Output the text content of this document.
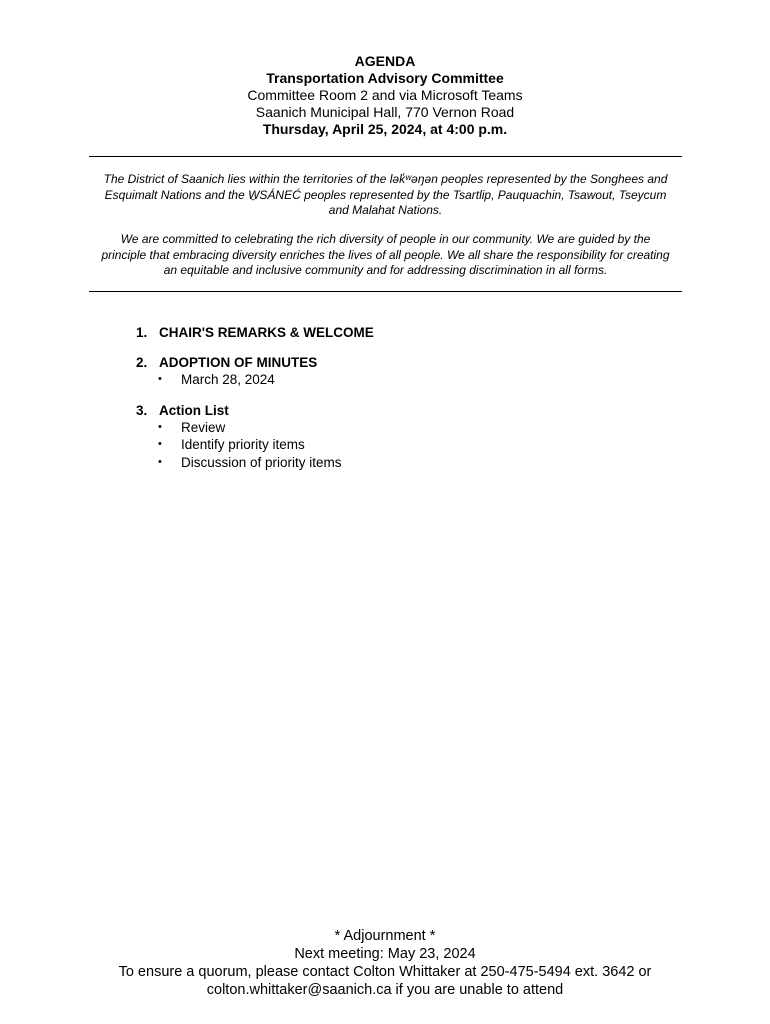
AGENDA
Transportation Advisory Committee
Committee Room 2 and via Microsoft Teams
Saanich Municipal Hall, 770 Vernon Road
Thursday, April 25, 2024, at 4:00 p.m.
The District of Saanich lies within the territories of the lək̓ʷəŋən peoples represented by the Songhees and Esquimalt Nations and the W̱SÁNEĆ peoples represented by the Tsartlip, Pauquachin, Tsawout, Tseycum and Malahat Nations.
We are committed to celebrating the rich diversity of people in our community. We are guided by the principle that embracing diversity enriches the lives of all people. We all share the responsibility for creating an equitable and inclusive community and for addressing discrimination in all forms.
1. CHAIR'S REMARKS & WELCOME
2. ADOPTION OF MINUTES
•	March 28, 2024
3. Action List
•	Review
•	Identify priority items
•	Discussion of priority items
* Adjournment *
Next meeting: May 23, 2024
To ensure a quorum, please contact Colton Whittaker at 250-475-5494 ext. 3642 or
colton.whittaker@saanich.ca if you are unable to attend
